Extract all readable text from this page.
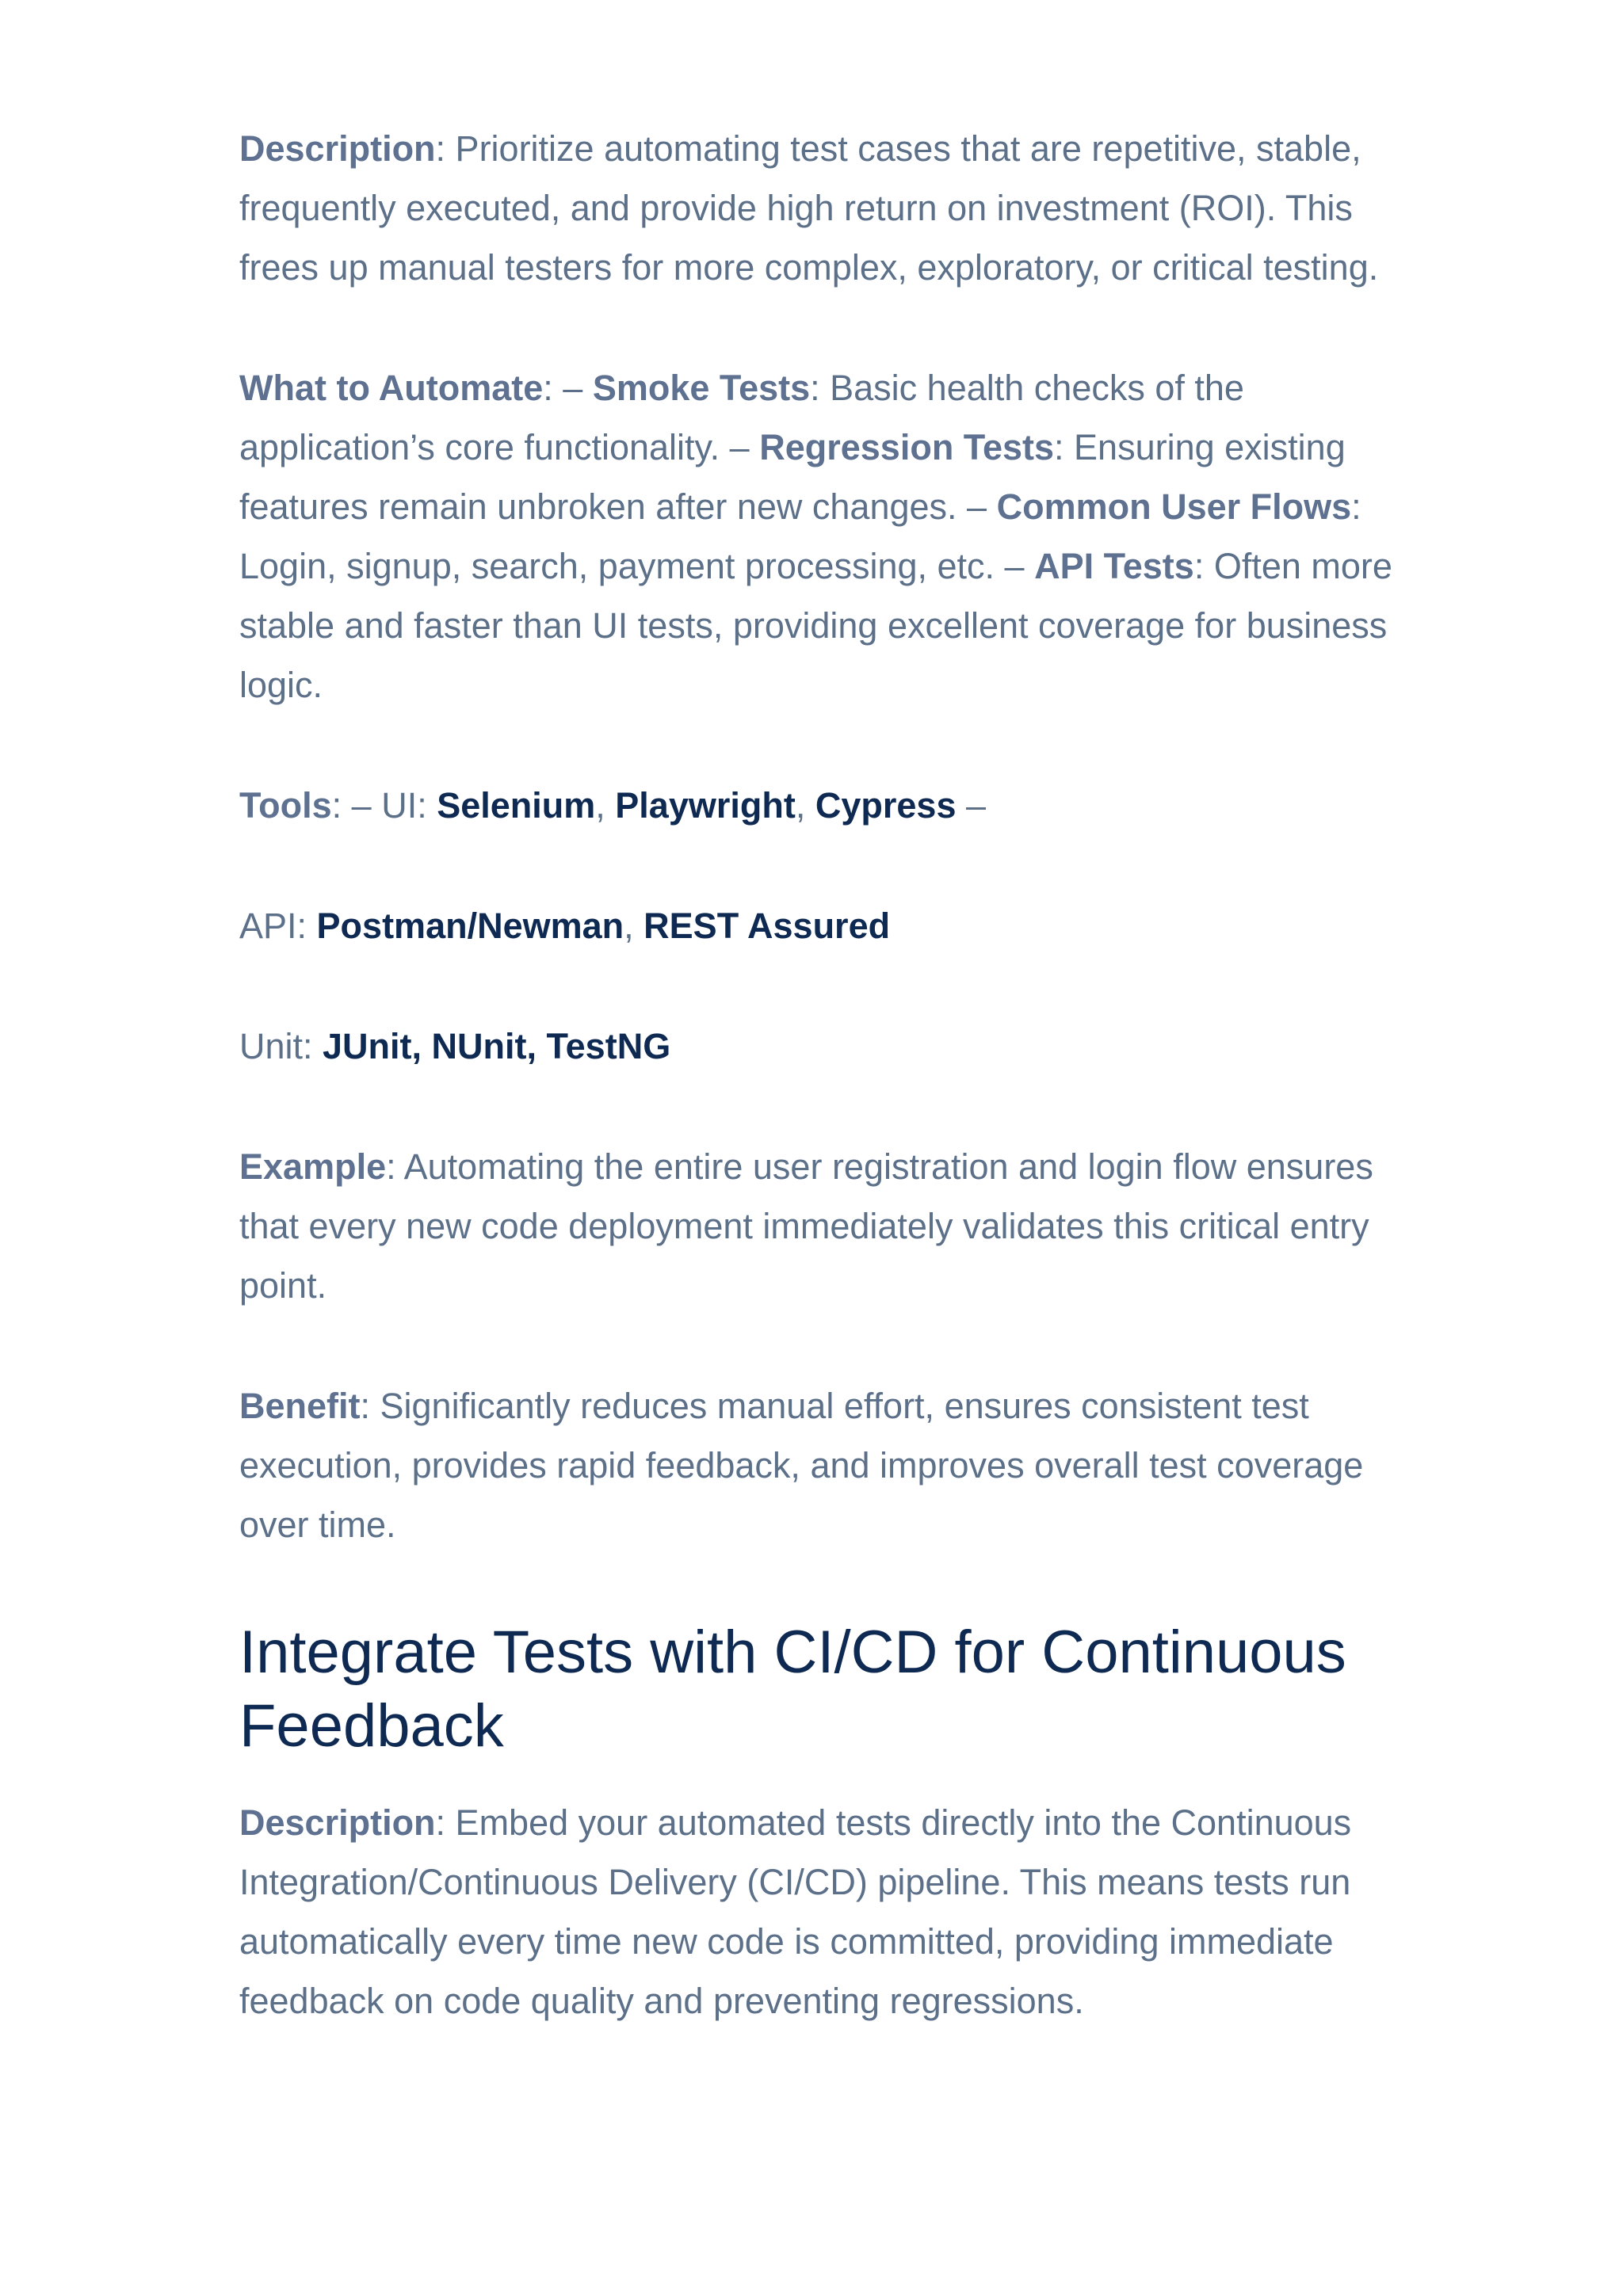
Description: Prioritize automating test cases that are repetitive, stable, frequently executed, and provide high return on investment (ROI). This frees up manual testers for more complex, exploratory, or critical testing.

What to Automate: – Smoke Tests: Basic health checks of the application’s core functionality. – Regression Tests: Ensuring existing features remain unbroken after new changes. – Common User Flows: Login, signup, search, payment processing, etc. – API Tests: Often more stable and faster than UI tests, providing excellent coverage for business logic.

Tools: – UI: Selenium, Playwright, Cypress –

API: Postman/Newman, REST Assured

Unit: JUnit, NUnit, TestNG

Example: Automating the entire user registration and login flow ensures that every new code deployment immediately validates this critical entry point.

Benefit: Significantly reduces manual effort, ensures consistent test execution, provides rapid feedback, and improves overall test coverage over time.

Integrate Tests with CI/CD for Continuous Feedback

Description: Embed your automated tests directly into the Continuous Integration/Continuous Delivery (CI/CD) pipeline. This means tests run automatically every time new code is committed, providing immediate feedback on code quality and preventing regressions.
